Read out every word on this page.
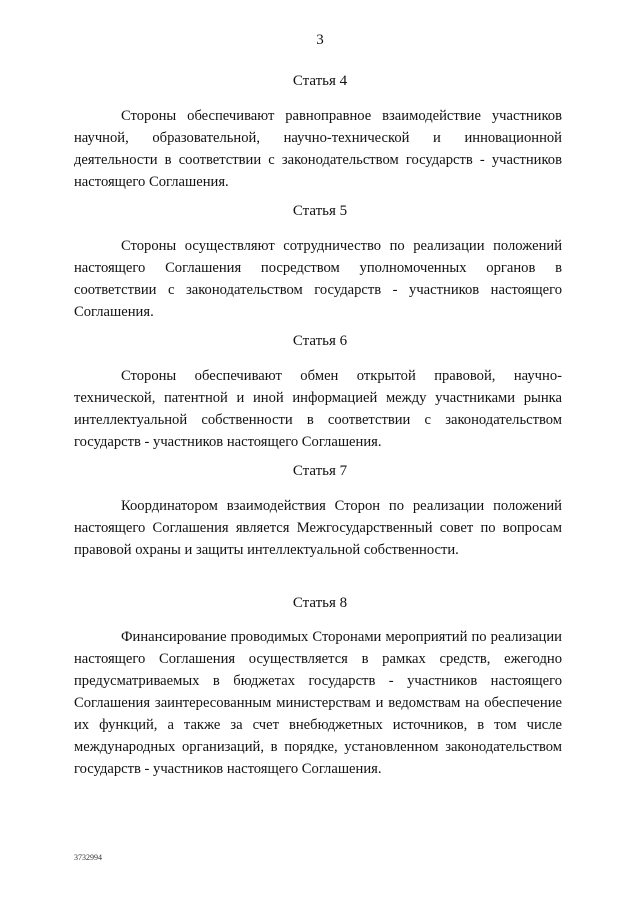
3
Статья 4

Стороны обеспечивают равноправное взаимодействие участников научной, образовательной, научно-технической и инновационной деятельности в соответствии с законодательством государств - участников настоящего Соглашения.

Статья 5

Стороны осуществляют сотрудничество по реализации положений настоящего Соглашения посредством уполномоченных органов в соответствии с законодательством государств - участников настоящего Соглашения.

Статья 6

Стороны обеспечивают обмен открытой правовой, научно-технической, патентной и иной информацией между участниками рынка интеллектуальной собственности в соответствии с законодательством государств - участников настоящего Соглашения.

Статья 7

Координатором взаимодействия Сторон по реализации положений настоящего Соглашения является Межгосударственный совет по вопросам правовой охраны и защиты интеллектуальной собственности.

Статья 8

Финансирование проводимых Сторонами мероприятий по реализации настоящего Соглашения осуществляется в рамках средств, ежегодно предусматриваемых в бюджетах государств - участников настоящего Соглашения заинтересованным министерствам и ведомствам на обеспечение их функций, а также за счет внебюджетных источников, в том числе международных организаций, в порядке, установленном законодательством государств - участников настоящего Соглашения.

3732994
